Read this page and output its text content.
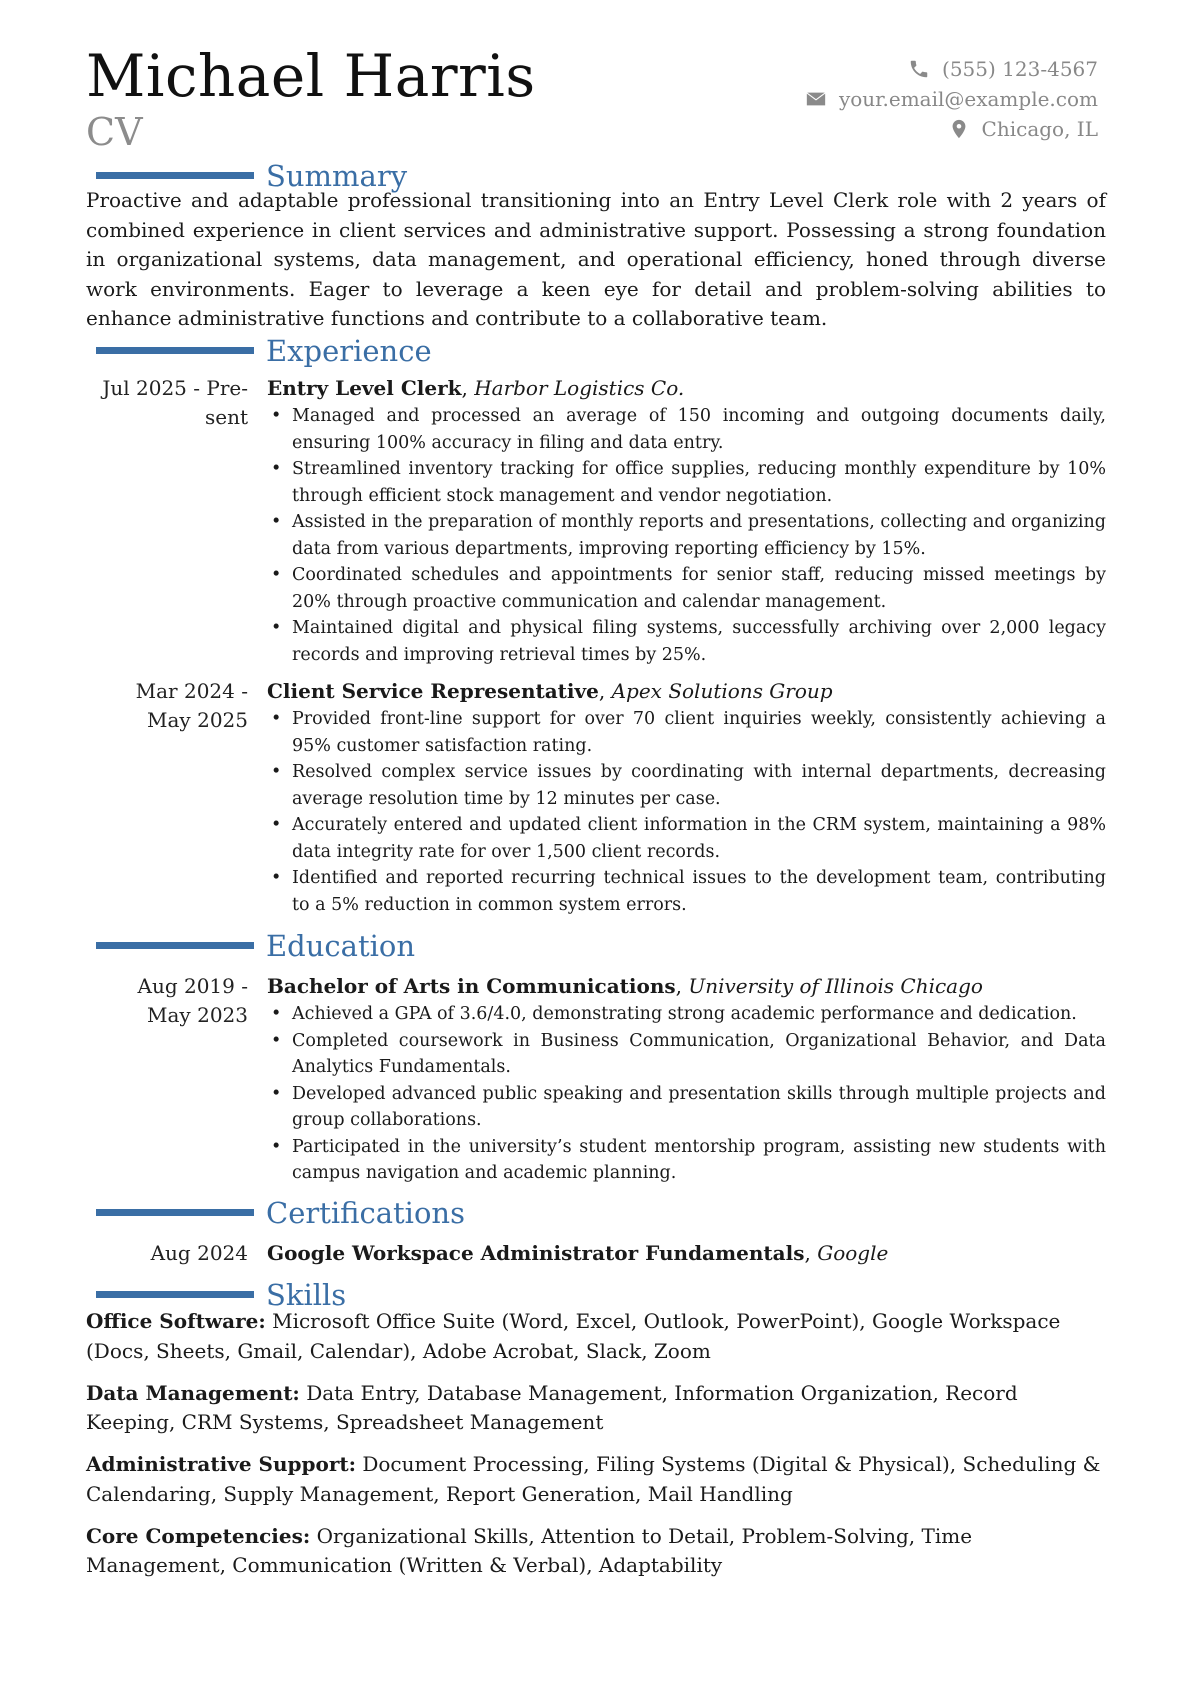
Michael Harris
CV
(555) 123-4567
your.email@example.com
Chicago, IL
Summary
Proactive and adaptable professional transitioning into an Entry Level Clerk role with 2 years of combined experience in client services and administrative support. Possessing a strong foundation in organizational systems, data management, and operational efficiency, honed through diverse work environments. Eager to leverage a keen eye for detail and problem-solving abilities to enhance administrative functions and contribute to a collaborative team.
Experience
Jul 2025 - Pre-
sent
Entry Level Clerk, Harbor Logistics Co.
• Managed and processed an average of 150 incoming and outgoing documents daily, ensuring 100% accuracy in filing and data entry.
• Streamlined inventory tracking for office supplies, reducing monthly expenditure by 10% through efficient stock management and vendor negotiation.
• Assisted in the preparation of monthly reports and presentations, collecting and organizing data from various departments, improving reporting efficiency by 15%.
• Coordinated schedules and appointments for senior staff, reducing missed meetings by 20% through proactive communication and calendar management.
• Maintained digital and physical filing systems, successfully archiving over 2,000 legacy records and improving retrieval times by 25%.
Mar 2024 -
May 2025
Client Service Representative, Apex Solutions Group
• Provided front-line support for over 70 client inquiries weekly, consistently achieving a 95% customer satisfaction rating.
• Resolved complex service issues by coordinating with internal departments, decreasing average resolution time by 12 minutes per case.
• Accurately entered and updated client information in the CRM system, maintaining a 98% data integrity rate for over 1,500 client records.
• Identified and reported recurring technical issues to the development team, contributing to a 5% reduction in common system errors.
Education
Aug 2019 -
May 2023
Bachelor of Arts in Communications, University of Illinois Chicago
• Achieved a GPA of 3.6/4.0, demonstrating strong academic performance and dedication.
• Completed coursework in Business Communication, Organizational Behavior, and Data Analytics Fundamentals.
• Developed advanced public speaking and presentation skills through multiple projects and group collaborations.
• Participated in the university’s student mentorship program, assisting new students with campus navigation and academic planning.
Certifications
Aug 2024 Google Workspace Administrator Fundamentals, Google
Skills
Office Software: Microsoft Office Suite (Word, Excel, Outlook, PowerPoint), Google Workspace (Docs, Sheets, Gmail, Calendar), Adobe Acrobat, Slack, Zoom
Data Management: Data Entry, Database Management, Information Organization, Record Keeping, CRM Systems, Spreadsheet Management
Administrative Support: Document Processing, Filing Systems (Digital & Physical), Scheduling & Calendaring, Supply Management, Report Generation, Mail Handling
Core Competencies: Organizational Skills, Attention to Detail, Problem-Solving, Time Management, Communication (Written & Verbal), Adaptability
